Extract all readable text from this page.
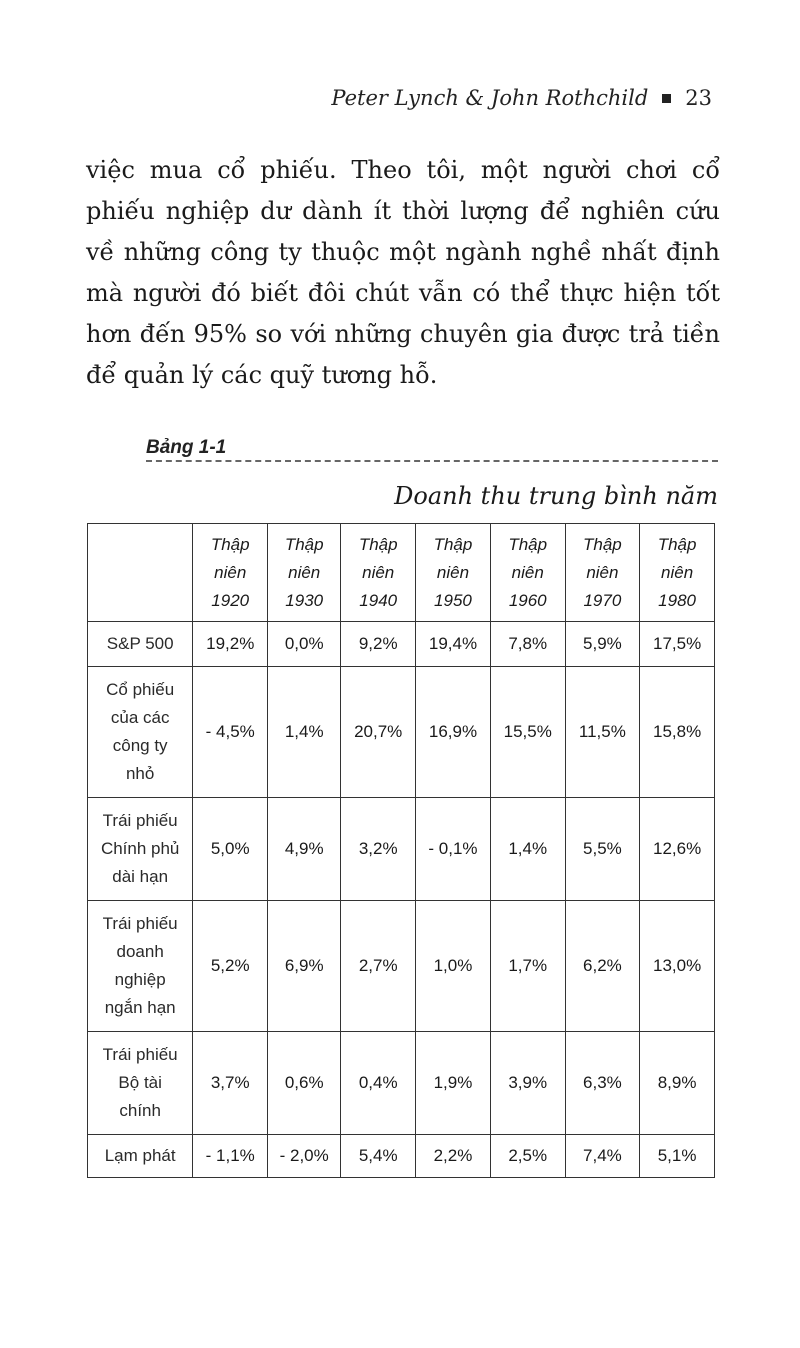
Peter Lynch & John Rothchild 23

việc mua cổ phiếu. Theo tôi, một người chơi cổ phiếu nghiệp dư dành ít thời lượng để nghiên cứu về những công ty thuộc một ngành nghề nhất định mà người đó biết đôi chút vẫn có thể thực hiện tốt hơn đến 95% so với những chuyên gia được trả tiền để quản lý các quỹ tương hỗ.

Bảng 1-1
Doanh thu trung bình năm
	Thập
niên
1920	Thập
niên
1930	Thập
niên
1940	Thập
niên
1950	Thập
niên
1960	Thập
niên
1970	Thập
niên
1980
S&P 500	19,2%	0,0%	9,2%	19,4%	7,8%	5,9%	17,5%
Cổ phiếu
của các
công ty
nhỏ	- 4,5%	1,4%	20,7%	16,9%	15,5%	11,5%	15,8%
Trái phiếu
Chính phủ
dài hạn	5,0%	4,9%	3,2%	- 0,1%	1,4%	5,5%	12,6%
Trái phiếu
doanh
nghiệp
ngắn hạn	5,2%	6,9%	2,7%	1,0%	1,7%	6,2%	13,0%
Trái phiếu
Bộ tài
chính	3,7%	0,6%	0,4%	1,9%	3,9%	6,3%	8,9%
Lạm phát	- 1,1%	- 2,0%	5,4%	2,2%	2,5%	7,4%	5,1%
